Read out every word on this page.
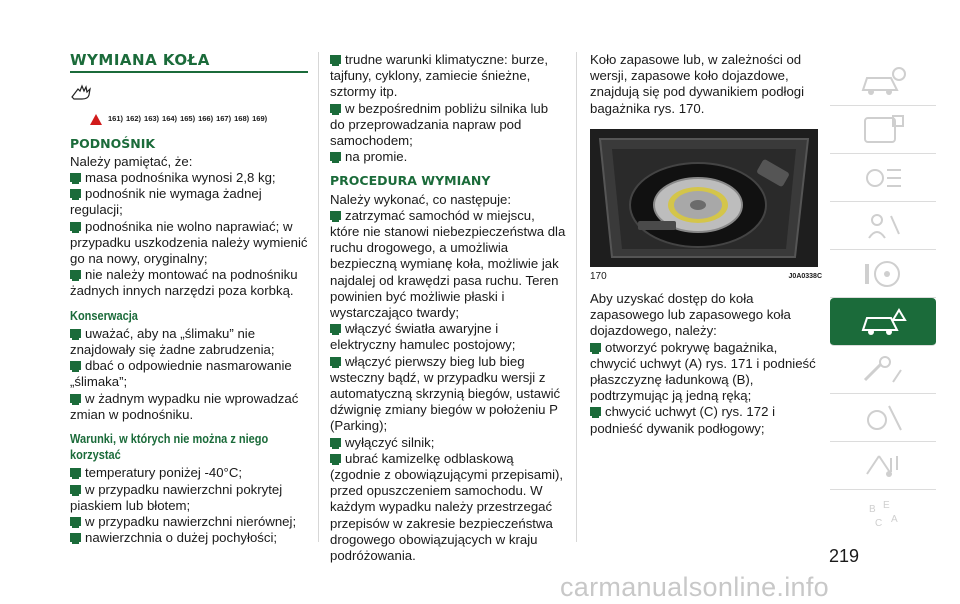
WYMIANA KOŁA
161) 162) 163) 164) 165) 166) 167) 168) 169)
PODNOŚNIK

Należy pamiętać, że:

masa podnośnika wynosi 2,8 kg;

podnośnik nie wymaga żadnej regulacji;

podnośnika nie wolno naprawiać; w przypadku uszkodzenia należy wymienić go na nowy, oryginalny;

nie należy montować na podnośniku żadnych innych narzędzi poza korbką.

Konserwacja

uważać, aby na „ślimaku” nie znajdowały się żadne zabrudzenia;

dbać o odpowiednie nasmarowanie „ślimaka”;

w żadnym wypadku nie wprowadzać zmian w podnośniku.

Warunki, w których nie można z niego korzystać

temperatury poniżej -40°C;

w przypadku nawierzchni pokrytej piaskiem lub błotem;

w przypadku nawierzchni nierównej;

nawierzchnia o dużej pochyłości;

trudne warunki klimatyczne: burze, tajfuny, cyklony, zamiecie śnieżne, sztormy itp.

w bezpośrednim pobliżu silnika lub do przeprowadzania napraw pod samochodem;

na promie.

PROCEDURA WYMIANY

Należy wykonać, co następuje:

zatrzymać samochód w miejscu, które nie stanowi niebezpieczeństwa dla ruchu drogowego, a umożliwia bezpieczną wymianę koła, możliwie jak najdalej od krawędzi pasa ruchu. Teren powinien być możliwie płaski i wystarczająco twardy;

włączyć światła awaryjne i elektryczny hamulec postojowy;

włączyć pierwszy bieg lub bieg wsteczny bądź, w przypadku wersji z automatyczną skrzynią biegów, ustawić dźwignię zmiany biegów w położeniu P (Parking);

wyłączyć silnik;

ubrać kamizelkę odblaskową (zgodnie z obowiązującymi przepisami), przed opuszczeniem samochodu. W każdym wypadku należy przestrzegać przepisów w zakresie bezpieczeństwa drogowego obowiązujących w kraju podróżowania.

Koło zapasowe lub, w zależności od wersji, zapasowe koło dojazdowe, znajdują się pod dywanikiem podłogi bagażnika rys. 170.

170	J0A0338C

Aby uzyskać dostęp do koła zapasowego lub zapasowego koła dojazdowego, należy:

otworzyć pokrywę bagażnika, chwycić uchwyt (A) rys. 171 i podnieść płaszczyznę ładunkową (B), podtrzymując ją jedną ręką;

chwycić uchwyt (C) rys. 172 i podnieść dywanik podłogowy;

B E
C A
219
carmanualsonline.info
